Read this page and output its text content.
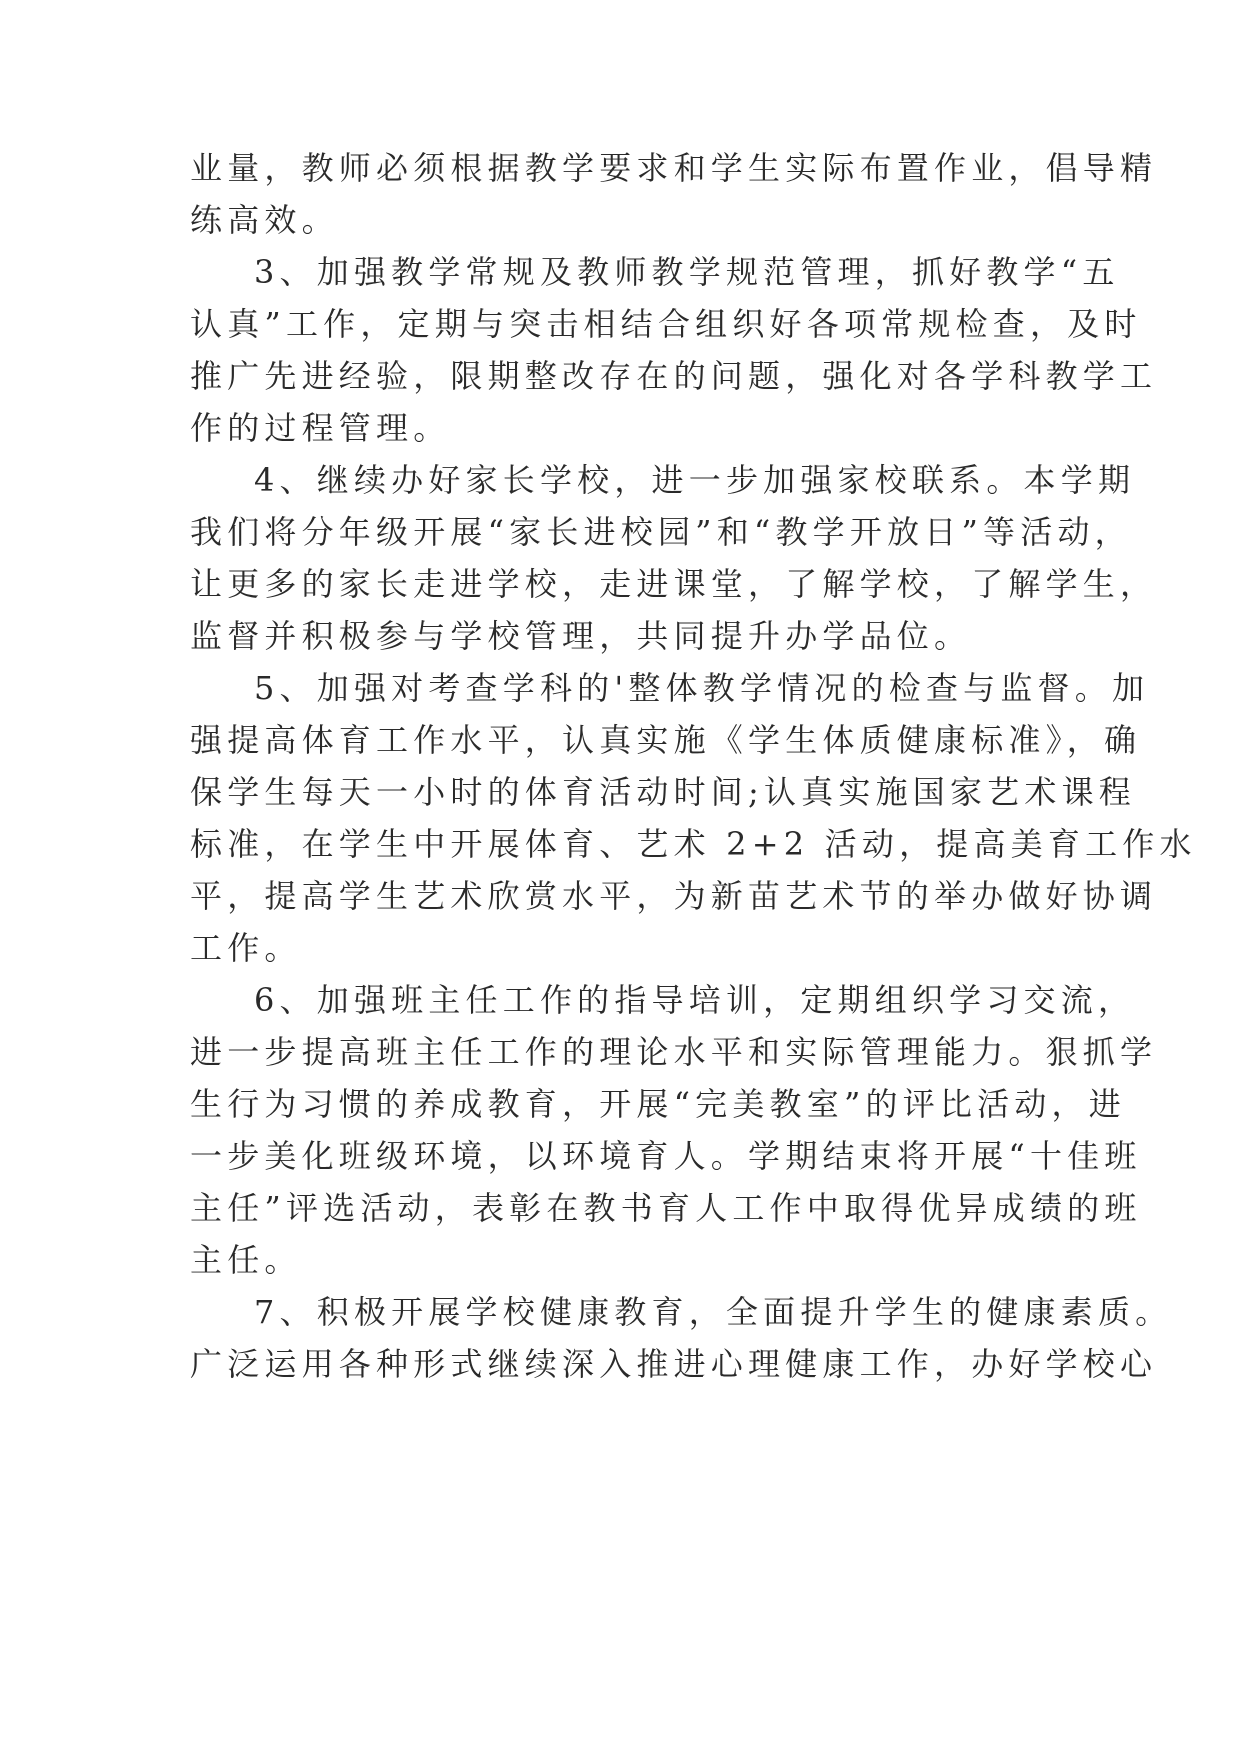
业量，教师必须根据教学要求和学生实际布置作业，倡导精
练高效。
3、加强教学常规及教师教学规范管理，抓好教学“五
认真”工作，定期与突击相结合组织好各项常规检查，及时
推广先进经验，限期整改存在的问题，强化对各学科教学工
作的过程管理。
4、继续办好家长学校，进一步加强家校联系。本学期
我们将分年级开展“家长进校园”和“教学开放日”等活动，
让更多的家长走进学校，走进课堂，了解学校，了解学生，
监督并积极参与学校管理，共同提升办学品位。
5、加强对考查学科的'整体教学情况的检查与监督。加
强提高体育工作水平，认真实施《学生体质健康标准》，确
保学生每天一小时的体育活动时间;认真实施国家艺术课程
标准，在学生中开展体育、艺术 2+2 活动，提高美育工作水
平，提高学生艺术欣赏水平，为新苗艺术节的举办做好协调
工作。
6、加强班主任工作的指导培训，定期组织学习交流，
进一步提高班主任工作的理论水平和实际管理能力。狠抓学
生行为习惯的养成教育，开展“完美教室”的评比活动，进
一步美化班级环境，以环境育人。学期结束将开展“十佳班
主任”评选活动，表彰在教书育人工作中取得优异成绩的班
主任。
7、积极开展学校健康教育，全面提升学生的健康素质。
广泛运用各种形式继续深入推进心理健康工作，办好学校心
